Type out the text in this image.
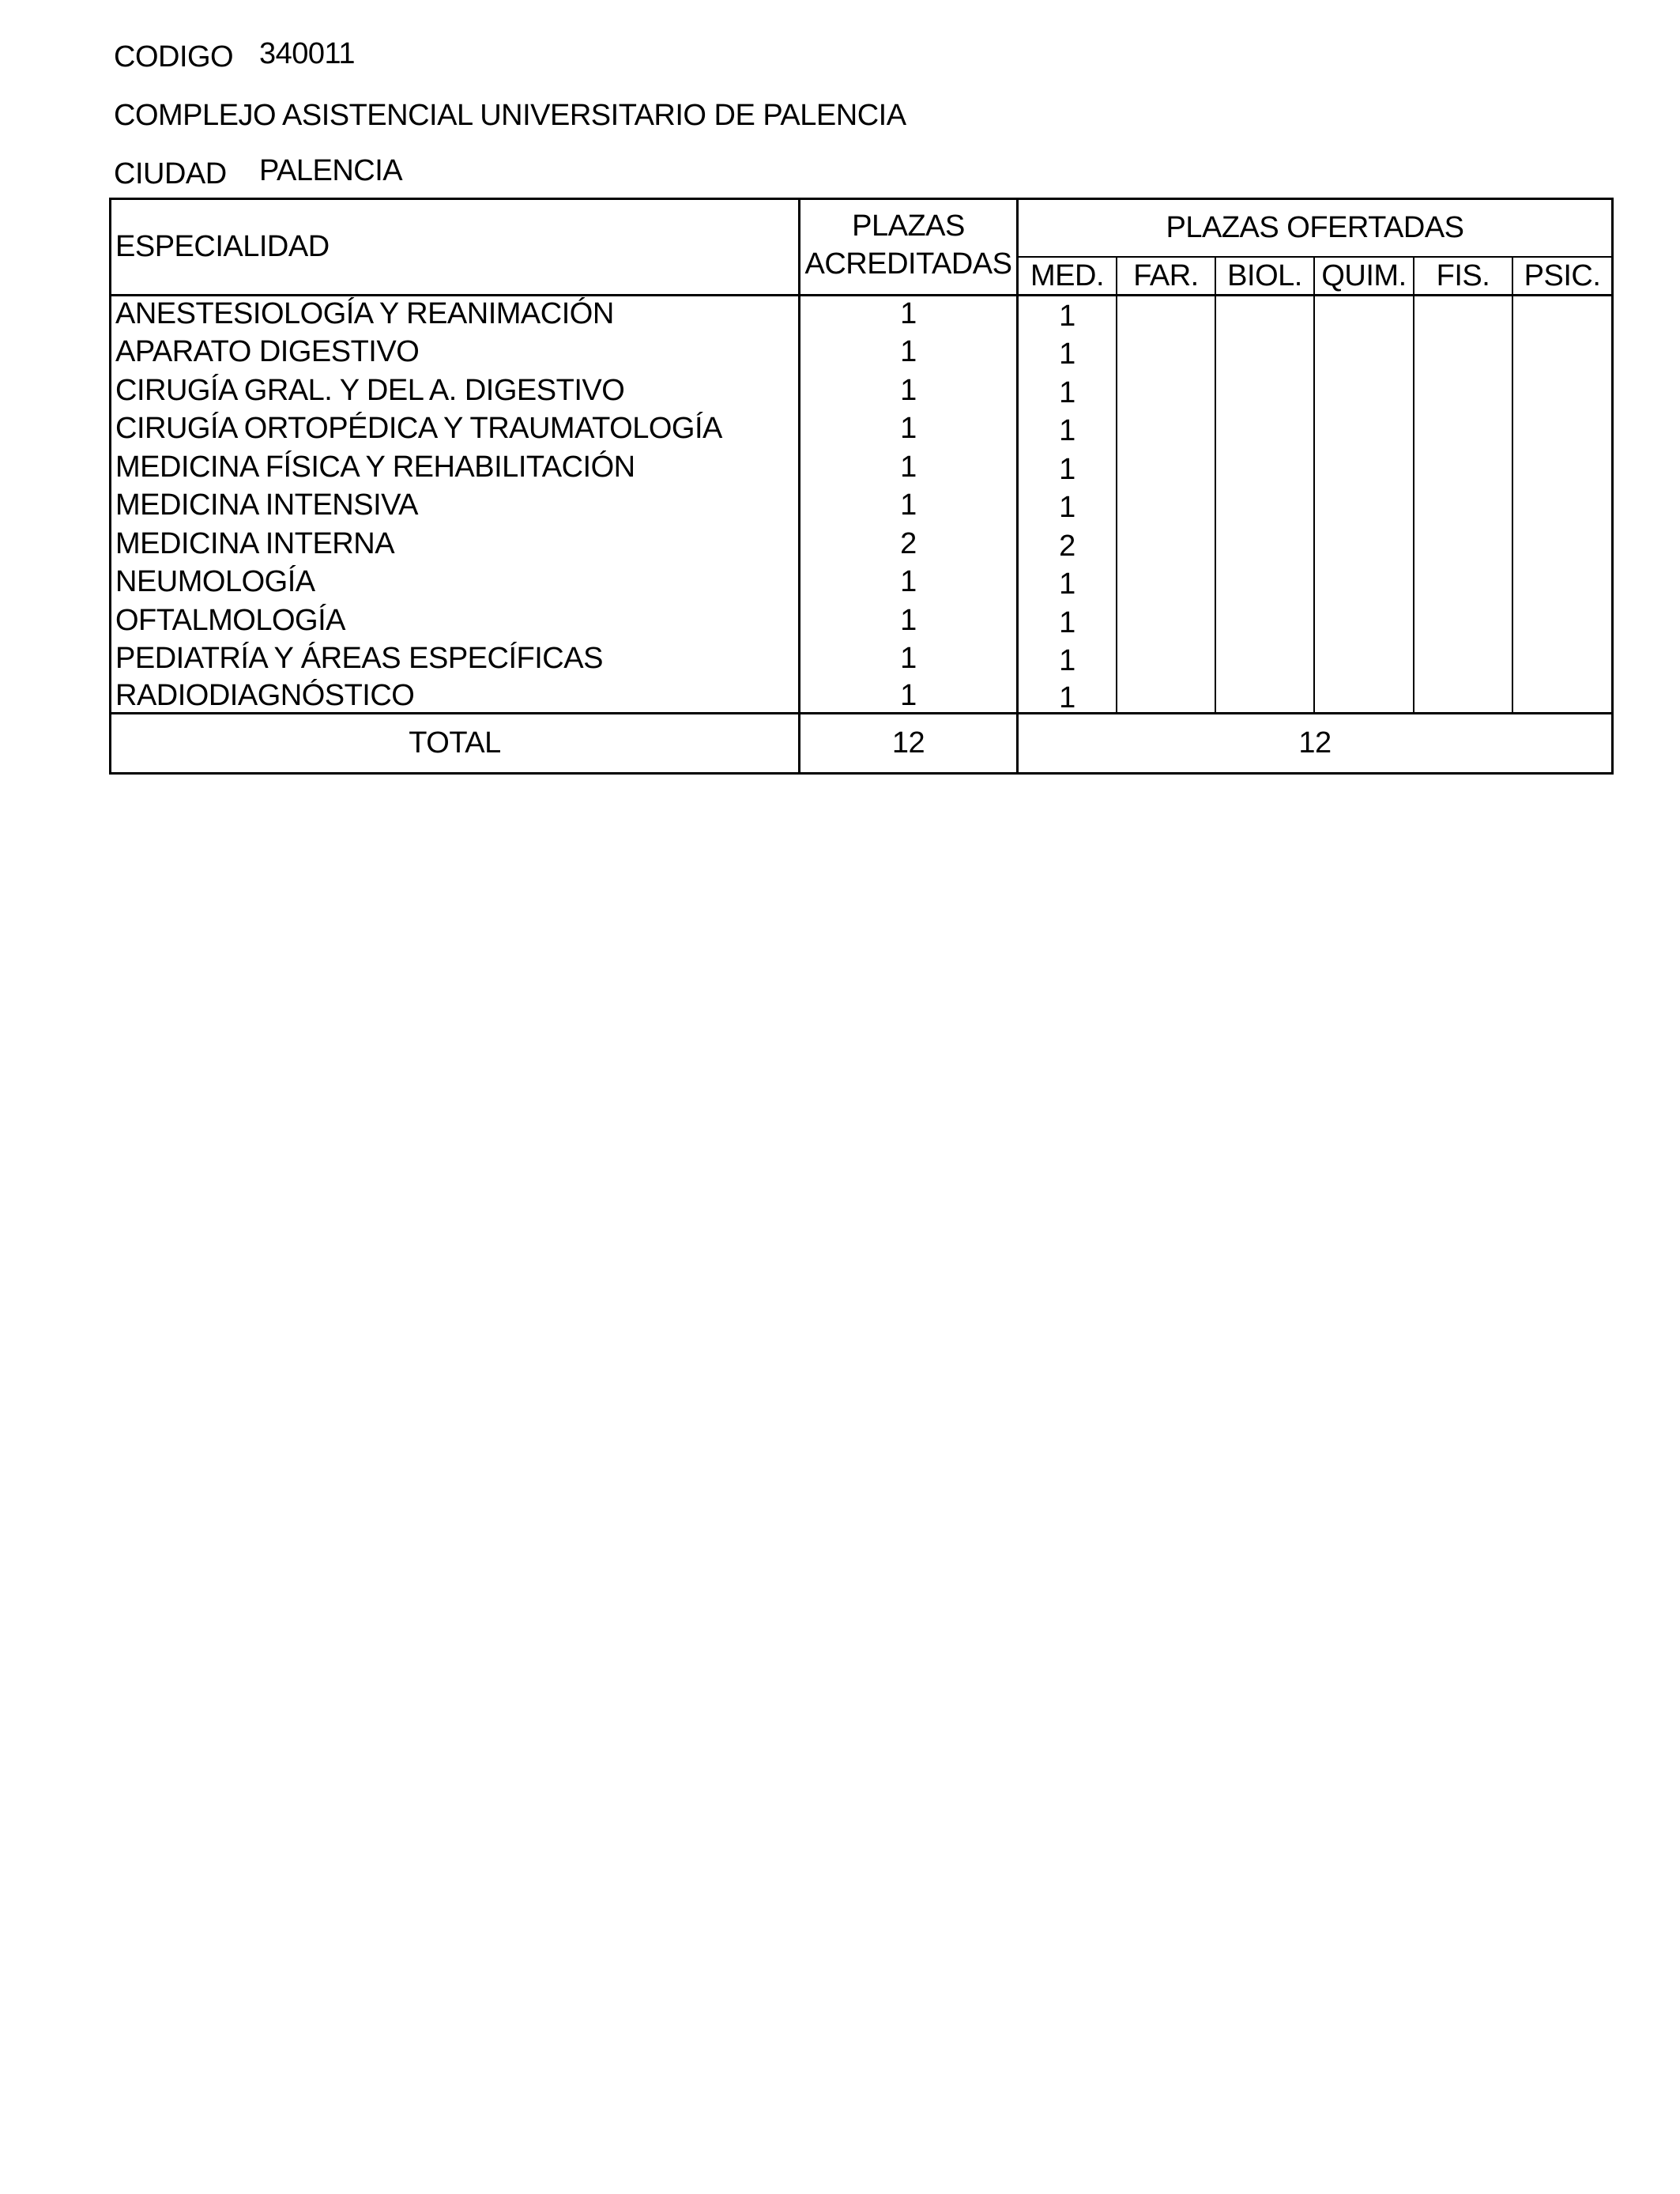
CODIGO 340011
COMPLEJO ASISTENCIAL UNIVERSITARIO DE PALENCIA
CIUDAD PALENCIA
ESPECIALIDAD
PLAZAS
ACREDITADAS
PLAZAS OFERTADAS
MED. FAR. BIOL. QUIM.	FIS.	PSIC.
ANESTESIOLOGÍA Y REANIMACIÓN	1	1
APARATO DIGESTIVO	1	1
CIRUGÍA GRAL. Y DEL A. DIGESTIVO	1	1
CIRUGÍA ORTOPÉDICA Y TRAUMATOLOGÍA	1	1
MEDICINA FÍSICA Y REHABILITACIÓN	1	1
MEDICINA INTENSIVA	1	1
MEDICINA INTERNA	2	2
NEUMOLOGÍA	1	1
OFTALMOLOGÍA	1	1
PEDIATRÍA Y ÁREAS ESPECÍFICAS	1	1
RADIODIAGNÓSTICO	1	1
TOTAL	12	12
